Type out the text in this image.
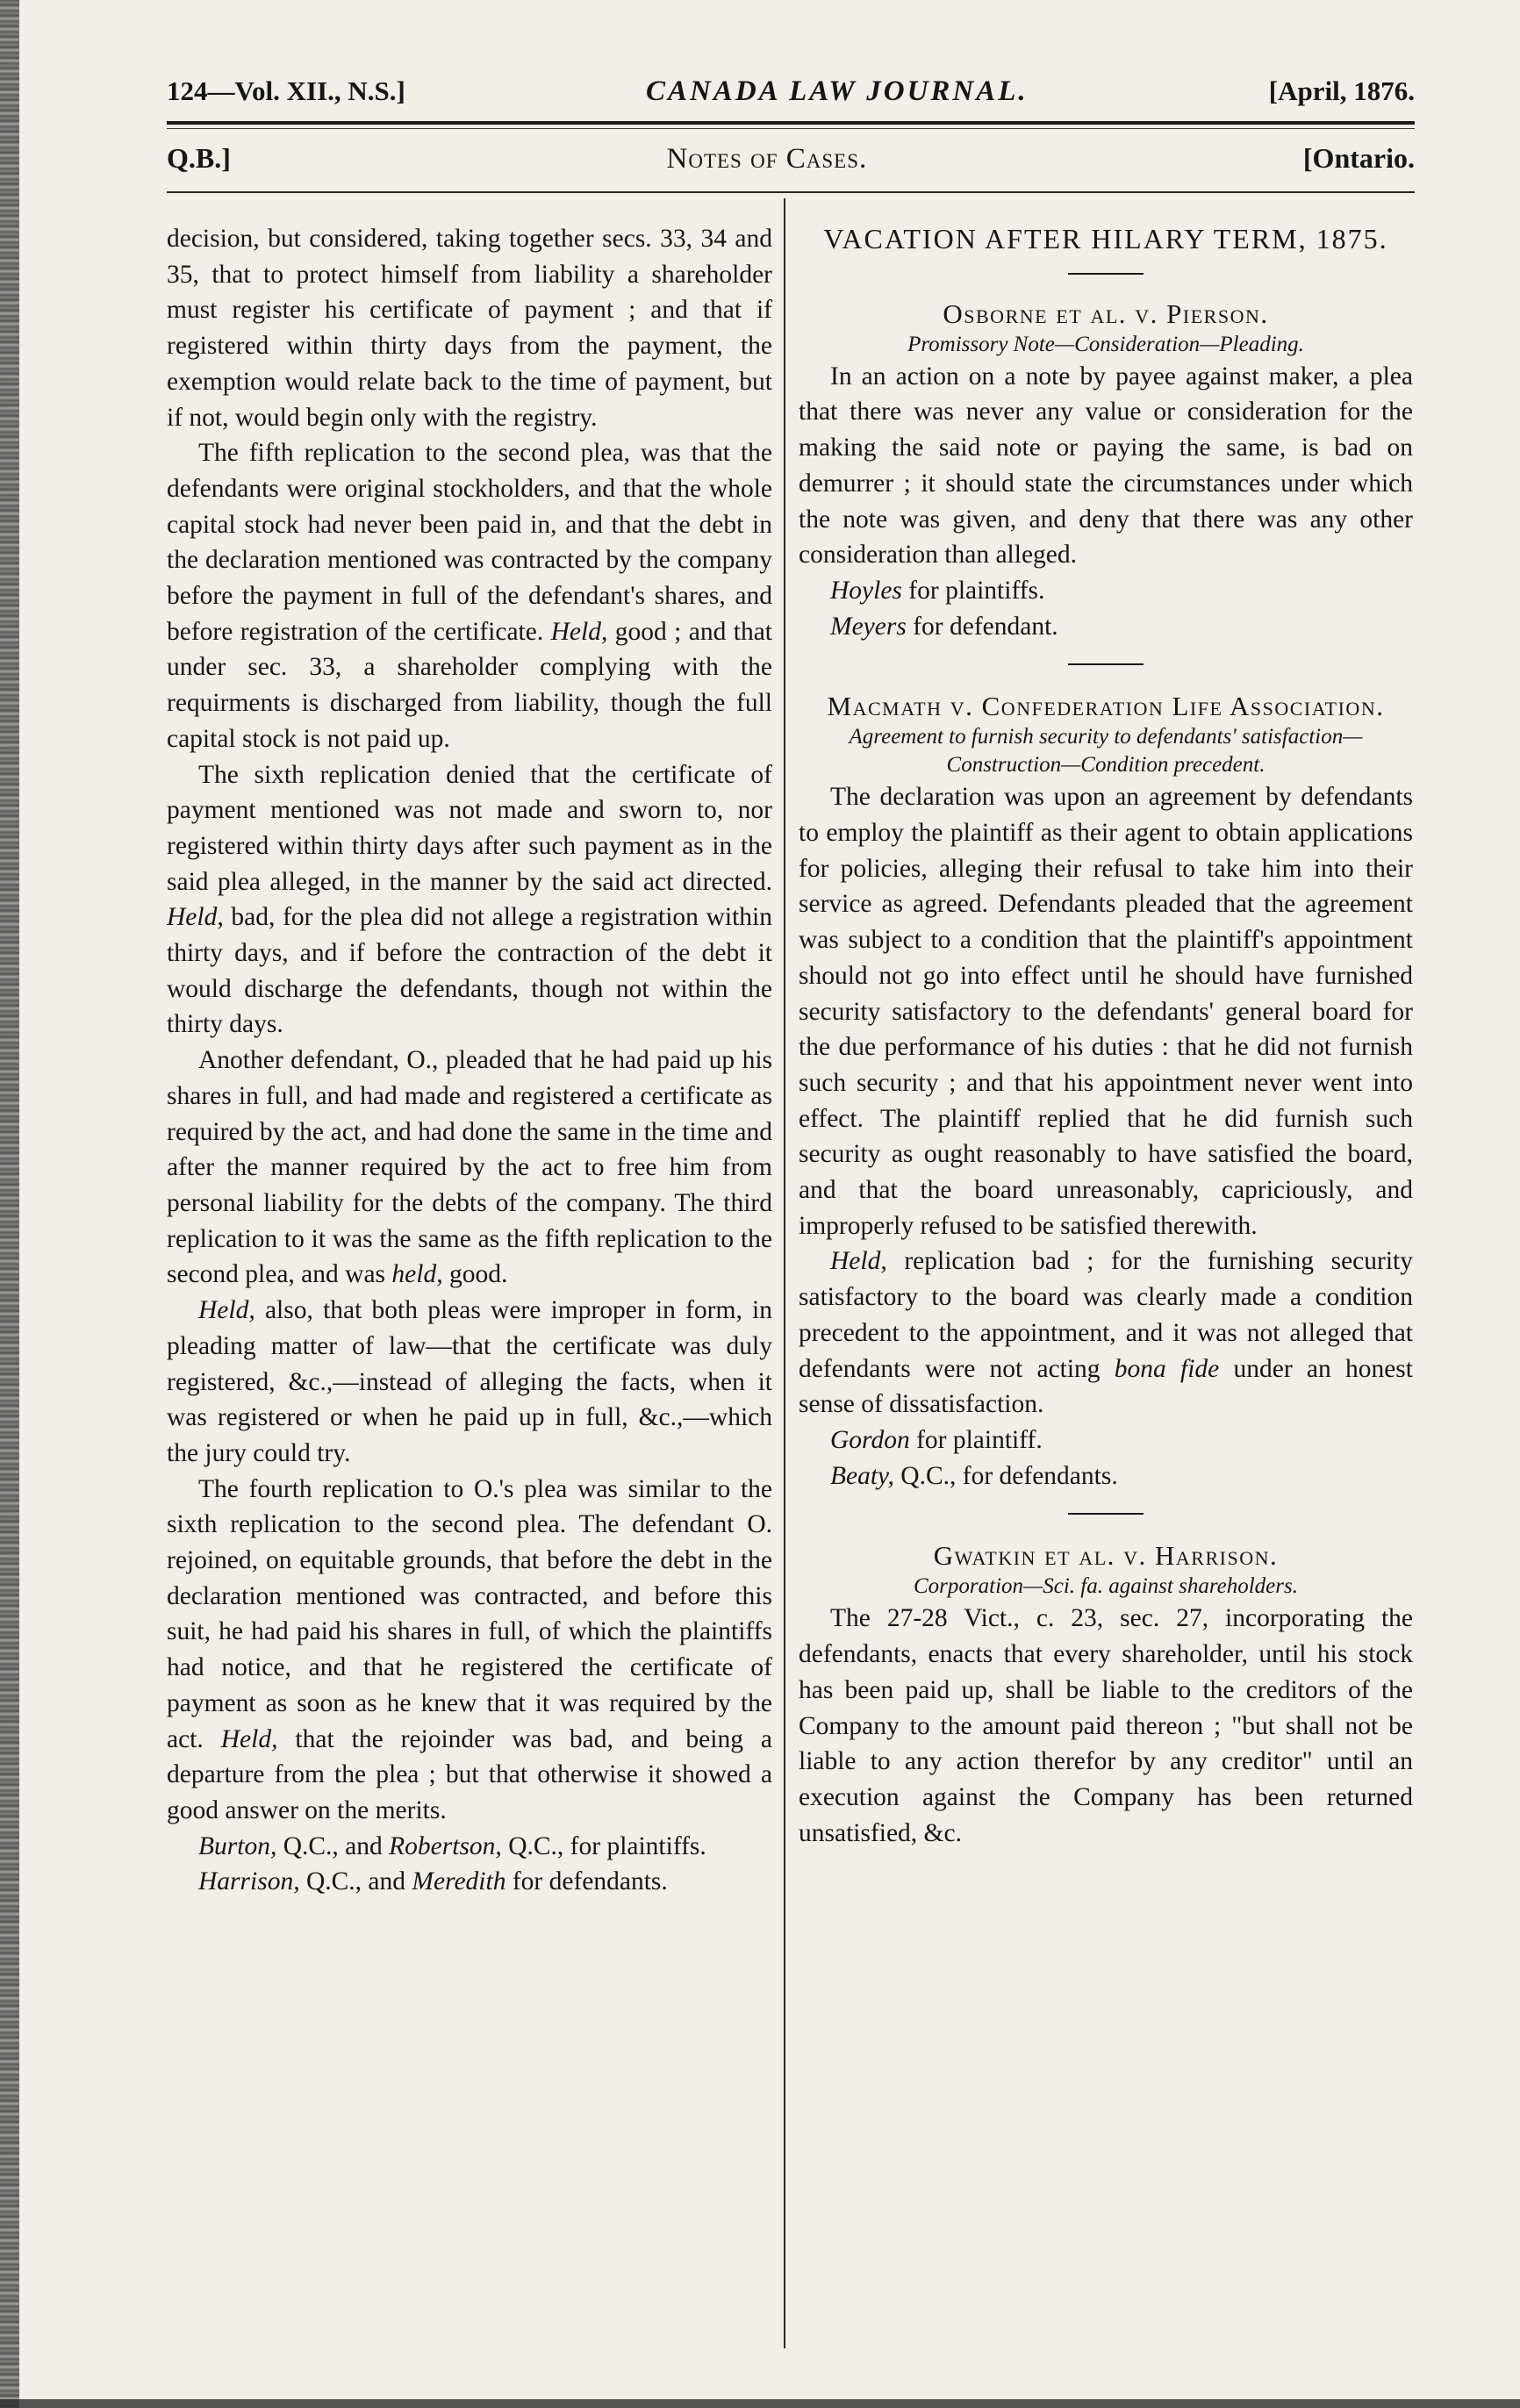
124—Vol. XII., N.S.]	CANADA LAW JOURNAL.	[April, 1876.
Q.B.]	Notes of Cases.	[Ontario.

decision, but considered, taking together secs. 33, 34 and 35, that to protect himself from liability a shareholder must register his certificate of payment ; and that if registered within thirty days from the payment, the exemption would relate back to the time of payment, but if not, would begin only with the registry.

The fifth replication to the second plea, was that the defendants were original stockholders, and that the whole capital stock had never been paid in, and that the debt in the declaration mentioned was contracted by the company before the payment in full of the defendant's shares, and before registration of the certificate. Held, good ; and that under sec. 33, a shareholder complying with the requirments is discharged from liability, though the full capital stock is not paid up.

The sixth replication denied that the certificate of payment mentioned was not made and sworn to, nor registered within thirty days after such payment as in the said plea alleged, in the manner by the said act directed. Held, bad, for the plea did not allege a registration within thirty days, and if before the contraction of the debt it would discharge the defendants, though not within the thirty days.

Another defendant, O., pleaded that he had paid up his shares in full, and had made and registered a certificate as required by the act, and had done the same in the time and after the manner required by the act to free him from personal liability for the debts of the company. The third replication to it was the same as the fifth replication to the second plea, and was held, good.

Held, also, that both pleas were improper in form, in pleading matter of law—that the certificate was duly registered, &c.,—instead of alleging the facts, when it was registered or when he paid up in full, &c.,—which the jury could try.

The fourth replication to O.'s plea was similar to the sixth replication to the second plea. The defendant O. rejoined, on equitable grounds, that before the debt in the declaration mentioned was contracted, and before this suit, he had paid his shares in full, of which the plaintiffs had notice, and that he registered the certificate of payment as soon as he knew that it was required by the act. Held, that the rejoinder was bad, and being a departure from the plea ; but that otherwise it showed a good answer on the merits.

Burton, Q.C., and Robertson, Q.C., for plaintiffs.

Harrison, Q.C., and Meredith for defendants.

VACATION AFTER HILARY TERM, 1875.

Osborne et al. v. Pierson.

Promissory Note—Consideration—Pleading.

In an action on a note by payee against maker, a plea that there was never any value or consideration for the making the said note or paying the same, is bad on demurrer ; it should state the circumstances under which the note was given, and deny that there was any other consideration than alleged.

Hoyles for plaintiffs.

Meyers for defendant.

Macmath v. Confederation Life Association.

Agreement to furnish security to defendants' satisfaction—Construction—Condition precedent.

The declaration was upon an agreement by defendants to employ the plaintiff as their agent to obtain applications for policies, alleging their refusal to take him into their service as agreed. Defendants pleaded that the agreement was subject to a condition that the plaintiff's appointment should not go into effect until he should have furnished security satisfactory to the defendants' general board for the due performance of his duties : that he did not furnish such security ; and that his appointment never went into effect. The plaintiff replied that he did furnish such security as ought reasonably to have satisfied the board, and that the board unreasonably, capriciously, and improperly refused to be satisfied therewith.

Held, replication bad ; for the furnishing security satisfactory to the board was clearly made a condition precedent to the appointment, and it was not alleged that defendants were not acting bona fide under an honest sense of dissatisfaction.

Gordon for plaintiff.

Beaty, Q.C., for defendants.

Gwatkin et al. v. Harrison.

Corporation—Sci. fa. against shareholders.

The 27-28 Vict., c. 23, sec. 27, incorporating the defendants, enacts that every shareholder, until his stock has been paid up, shall be liable to the creditors of the Company to the amount paid thereon ; "but shall not be liable to any action therefor by any creditor" until an execution against the Company has been returned unsatisfied, &c.
